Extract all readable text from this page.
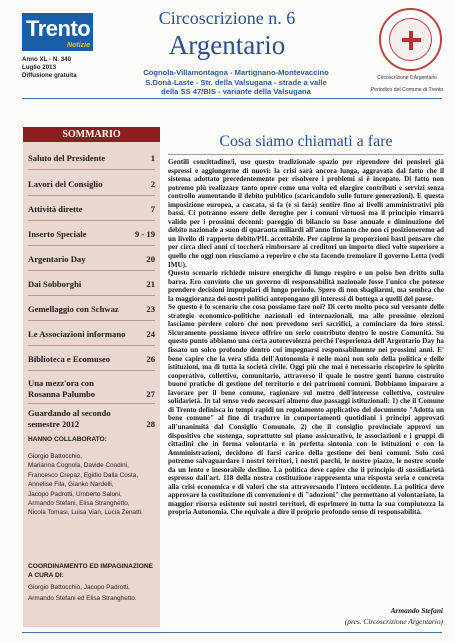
Trento
Notizie
Anno XL - N. 340
Luglio 2013
Diffusione gratuita
Circoscrizione n. 6
Argentario
Cognola-Villamontagna - Martignano-Montevaccino
S.Donà-Laste - Str. della Valsugana - strade a valle
della SS 47/BIS - variante della Valsugana
Circoscrizione 6 Argentario
Periodico del Comune di Trento
SOMMARIO
Saluto del Presidente	1
Lavori del Consiglio	2
Attività dirette	7
Inserto Speciale	9 - 19
Argentario Day	20
Dai Sobborghi	21
Gemellaggio con Schwaz	23
Le Associazioni informano	24
Biblioteca e Ecomuseo	26
Una mezz'ora con Rosanna Palumbo	27
Guardando al secondo semestre 2012	28
HANNO COLLABORATO:
Giorgio Battocchio,
Marianna Cognola, Davide Condini,
Francesco Crepaz, Egidio Dalla Costa,
Annelise Fila, Gianko Nardelli,
Jacopo Padrotti, Umberto Saloni,
Armando Stefani, Elisa Stranghetto,
Nicola Tomasi, Luisa Vian, Lucia Zenatti.
COORDINAMENTO ED IMPAGINAZIONE A CURA DI:
Giorgio Battocchio, Jacopo Padrotti,
Armando Stefani ed Elisa Stranghetto.
Cosa siamo chiamati a fare

Gentili concittadine/i, uso questo tradizionale spazio per riprendere dei pensieri già espressi e aggiungerne di nuovi: la crisi sarà ancora lunga, aggravata dal fatto che il sistema adottato precedentemente per risolvere i problemi si è incepato. Di fatto non potremo più realizzare tanto opere come una volta ed elargire contributi e servizi senza controllo aumentando il debito pubblico (scaricandolo sulle future generazioni). E questa imposizione europea, a cascata, si fa (e si farà) sentire fino ai livelli amministrativi più bassi. Ci potranno essere delle deroghe per i comuni virtuosi ma il principio rimarrà valido per i prossimi decenni: pareggio di bilancio su base annuale e diminuzione del debito nazionale a suon di quaranta miliardi all'anno fintanto che non ci posizioneremo ad un livello di rapporto debito/PIL accettabile. Per capirne la proporzioni basti pensare che per circa dieci anni ci toccherà rimborsare ai creditori un importo dieci volte superiore a quello che oggi non riusciamo a reperire e che sta facendo tremolare il governo Letta (vedi IMU).

Questo scenario richiede misure energiche di lungo respiro e un polso ben dritto sulla barra. Ero convinto che un governo di responsabilità nazionale fosse l'unico che potesse prendere decisioni impopolari di lungo periodo. Spero di non sbagliarmi, ma sembra che la maggioranza dei nostri politici antepongano gli interessi di bottega a quelli del paese.

Se questo è lo scenario che cosa possiamo fare noi? Di certo molto poco sul versante delle strategie economico-politiche nazionali ed internazionali, ma alle prossime elezioni lasciamo perdere coloro che non prevedono seri sacrifici, a cominciare da loro stessi. Sicuramente possiamo invece offrire un serio contributo dentro le nostre Comunità. Su questo punto abbiamo una certa autorevolezza perché l'esperienza dell'Argentario Day ha fissato un solco profondo dentro cui impegnarsi responsabilmente nei prossimi anni. E' bene capire che la vera sfida dell'Autonomia è nelle mani non solo della politica e delle istituzioni, ma di tutta la società civile. Oggi più che mai è necessario riscoprire lo spirito cooperativo, collettivo, comunitario, attraverso il quale le nostre genti hanno costruito buone pratiche di gestione del territorio e dei patrimoni comuni. Dobbiamo imparare a lavorare per il bene comune, ragionare sul metro dell'interesse collettivo, costruire solidarietà. In tal senso vedo necessari almeno due passaggi istituzionali: 1) che il Comune di Trento definisca in tempi rapidi un regolamento applicativo del documento "Adotta un bene comune" al fine di tradurre in comportamenti quotidiani i principi approvati all'unanimità dal Consiglio Comunale. 2) che il consiglio provinciale approvi un dispositivo che sostenga, soprattutto sul piano assicurativo, le associazioni e i gruppi di cittadini che in forma volontaria e in perfetta sintonia con le istituzioni e con la Amministrazioni, decidono di farsi carico della gestione dei beni comuni. Solo così potremo salvaguardare i nostri territori, i nostri parchi, le nostre piazze, le nostre scuole da un lento e inesorabile declino. La politica deve capire che il principio di sussidiarietà espresso dall'art. 118 della nostra costituzione rappresenta una risposta seria e concreta alla crisi economica e di valori che sta attraversando l'intero occidente. La politica deve approvare la costituzione di convenzioni e di "adozioni" che permettano al volontariato, la maggior risorsa esistente sui nostri territori, di esprimere in tutta la sua compiutezza la propria Autonomia. Che equivale a dire il proprio profondo senso di responsabilità.

Armando Stefani
(pres. Circoscrizione Argentario)
